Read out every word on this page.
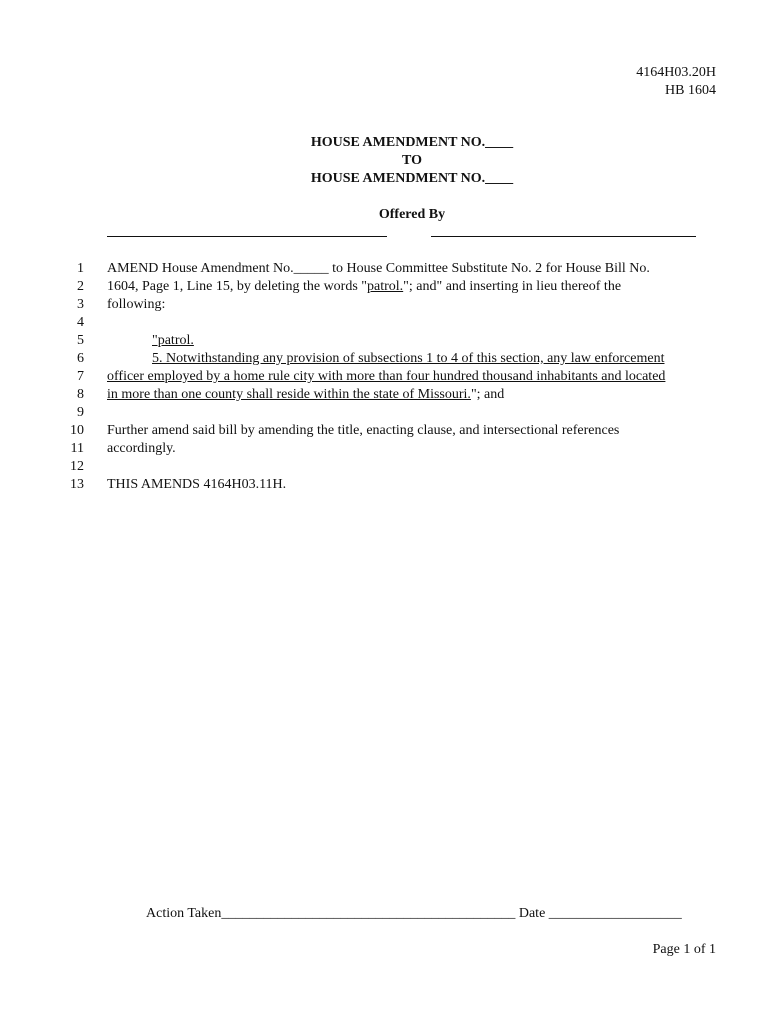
4164H03.20H
HB 1604
HOUSE AMENDMENT NO.____
TO
HOUSE AMENDMENT NO.____
Offered By
1 AMEND House Amendment No._____ to House Committee Substitute No. 2 for House Bill No.
2 1604, Page 1, Line 15, by deleting the words "patrol."; and" and inserting in lieu thereof the
3 following:
4
5	"patrol.
6	5. Notwithstanding any provision of subsections 1 to 4 of this section, any law enforcement
7 officer employed by a home rule city with more than four hundred thousand inhabitants and located
8 in more than one county shall reside within the state of Missouri."; and
9
10 Further amend said bill by amending the title, enacting clause, and intersectional references
11 accordingly.
12
13 THIS AMENDS 4164H03.11H.
Action Taken__________________________________________ Date ___________________
Page 1 of 1
